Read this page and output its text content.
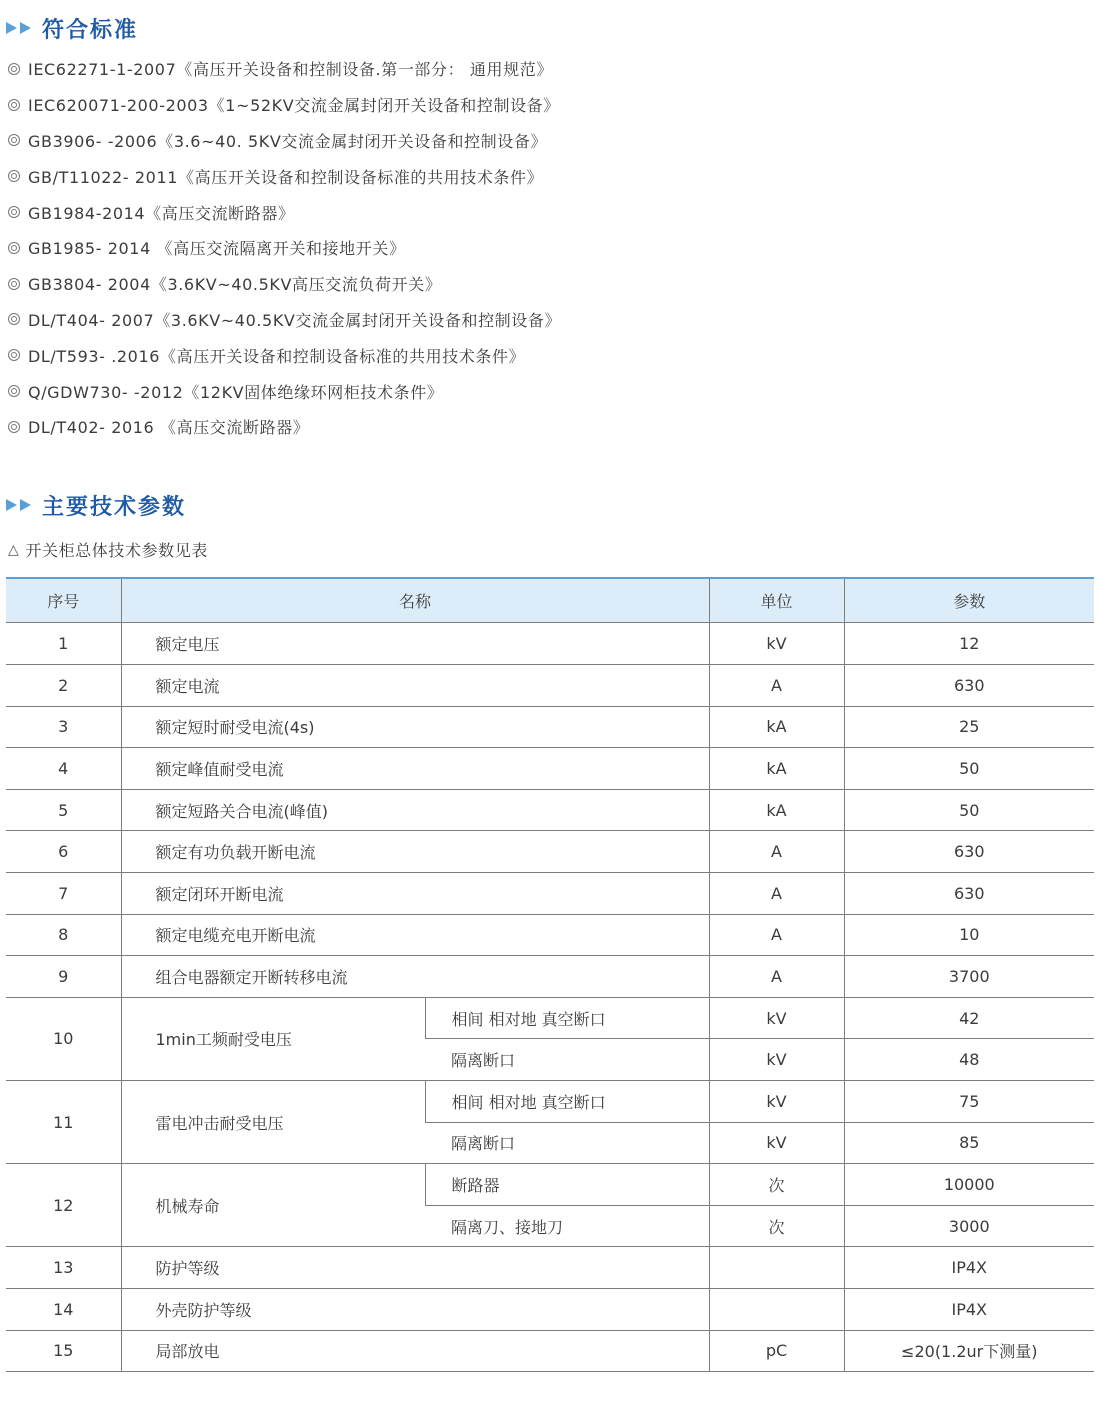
符合标准
IEC62271-1-2007《高压开关设备和控制设备.第一部分： 通用规范》
IEC620071-200-2003《1~52KV交流金属封闭开关设备和控制设备》
GB3906- -2006《3.6~40. 5KV交流金属封闭开关设备和控制设备》
GB/T11022- 2011《高压开关设备和控制设备标准的共用技术条件》
GB1984-2014《高压交流断路器》
GB1985- 2014 《高压交流隔离开关和接地开关》
GB3804- 2004《3.6KV~40.5KV高压交流负荷开关》
DL/T404- 2007《3.6KV~40.5KV交流金属封闭开关设备和控制设备》
DL/T593- .2016《高压开关设备和控制设备标准的共用技术条件》
Q/GDW730- -2012《12KV固体绝缘环网柜技术条件》
DL/T402- 2016 《高压交流断路器》
主要技术参数
△ 开关柜总体技术参数见表
序号	名称		单位	参数
1	额定电压		kV	12
2	额定电流		A	630
3	额定短时耐受电流(4s)		kA	25
4	额定峰值耐受电流		kA	50
5	额定短路关合电流(峰值)		kA	50
6	额定有功负载开断电流		A	630
7	额定闭环开断电流		A	630
8	额定电缆充电开断电流		A	10
9	组合电器额定开断转移电流		A	3700
10	1min工频耐受电压	相间 相对地 真空断口	kV	42
		隔离断口	kV	48
11	雷电冲击耐受电压	相间 相对地 真空断口	kV	75
		隔离断口	kV	85
12	机械寿命	断路器	次	10000
		隔离刀、接地刀	次	3000
13	防护等级			IP4X
14	外壳防护等级			IP4X
15	局部放电		pC	≤20(1.2ur下测量)
